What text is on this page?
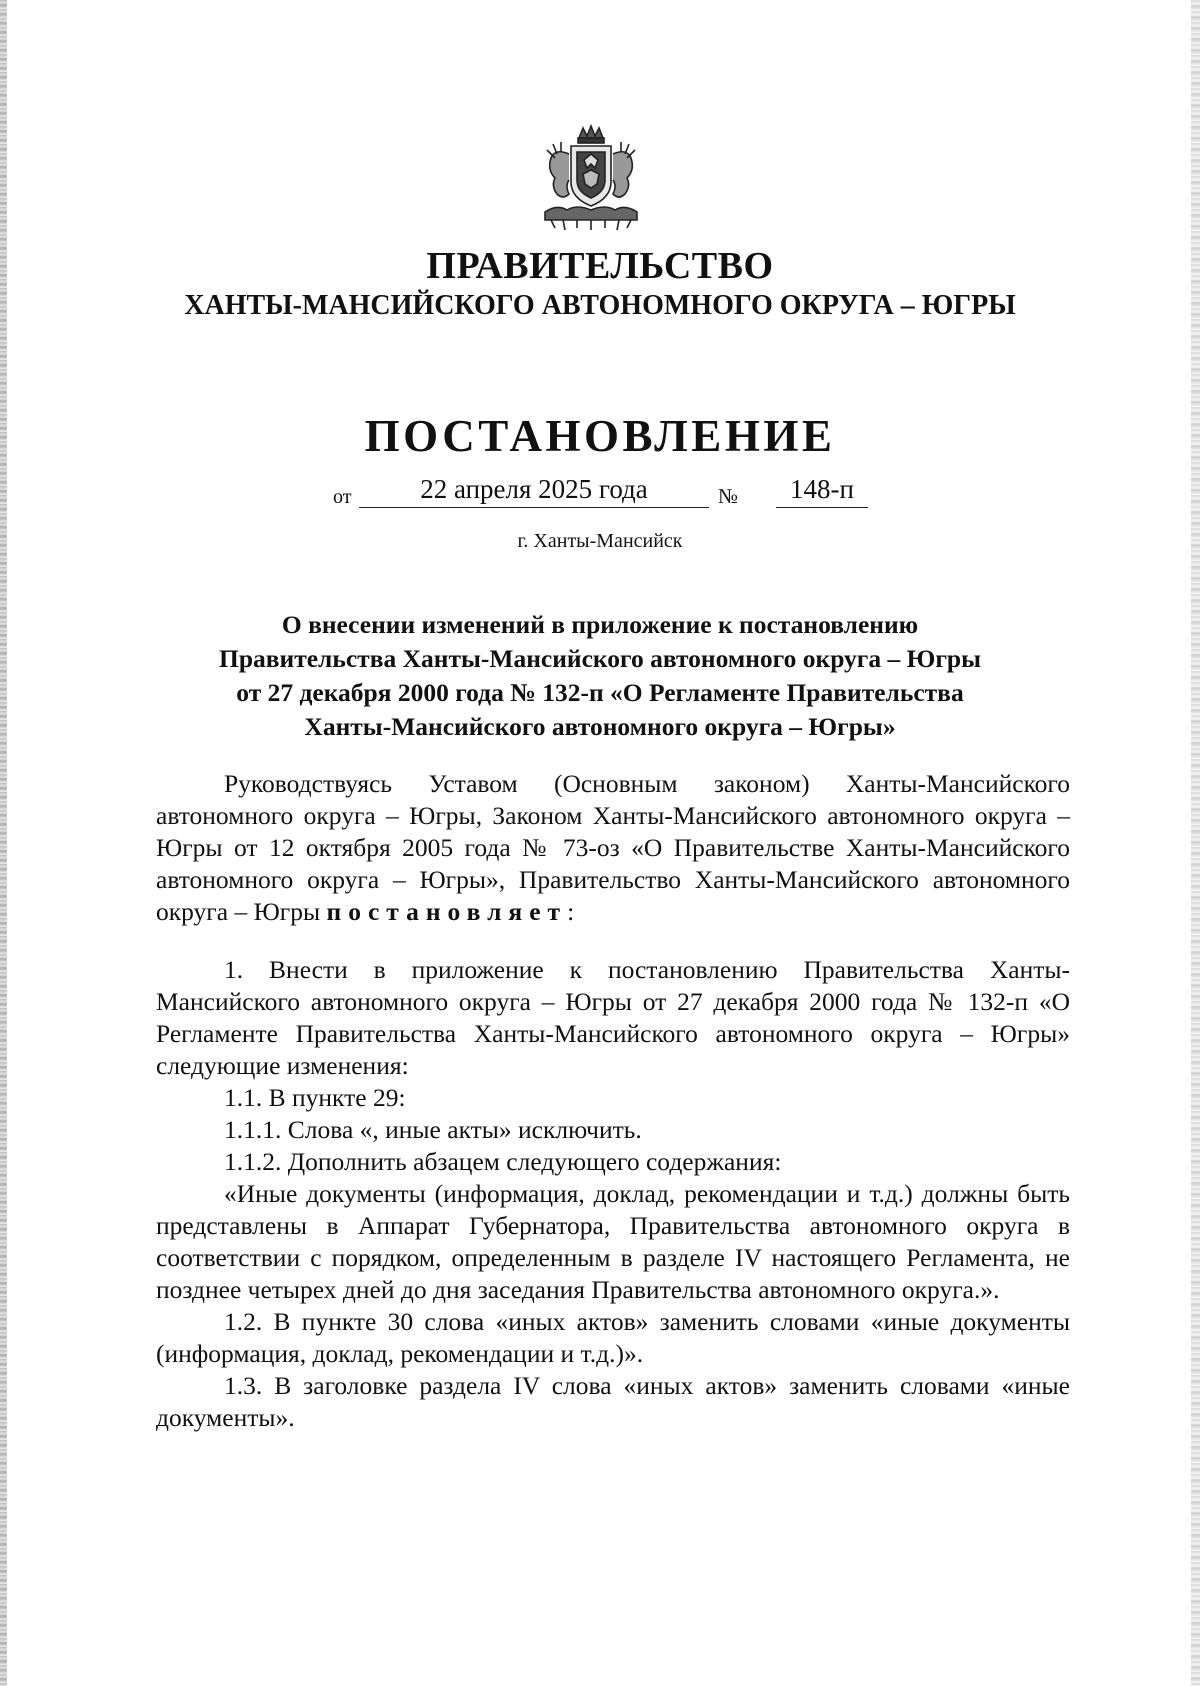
ПРАВИТЕЛЬСТВО
ХАНТЫ-МАНСИЙСКОГО АВТОНОМНОГО ОКРУГА – ЮГРЫ
ПОСТАНОВЛЕНИЕ
от	22 апреля 2025 года	№	148-п
г. Ханты-Мансийск
О внесении изменений в приложение к постановлению
Правительства Ханты-Мансийского автономного округа – Югры
от 27 декабря 2000 года № 132-п «О Регламенте Правительства
Ханты-Мансийского автономного округа – Югры»

Руководствуясь Уставом (Основным законом) Ханты-Мансийского автономного округа – Югры, Законом Ханты-Мансийского автономного округа – Югры от 12 октября 2005 года № 73-оз «О Правительстве Ханты-Мансийского автономного округа – Югры», Правительство Ханты-Мансийского автономного округа – Югры постановляет:

1. Внести в приложение к постановлению Правительства Ханты-Мансийского автономного округа – Югры от 27 декабря 2000 года № 132-п «О Регламенте Правительства Ханты-Мансийского автономного округа – Югры» следующие изменения:

1.1. В пункте 29:

1.1.1. Слова «, иные акты» исключить.

1.1.2. Дополнить абзацем следующего содержания:

«Иные документы (информация, доклад, рекомендации и т.д.) должны быть представлены в Аппарат Губернатора, Правительства автономного округа в соответствии с порядком, определенным в разделе IV настоящего Регламента, не позднее четырех дней до дня заседания Правительства автономного округа.».

1.2. В пункте 30 слова «иных актов» заменить словами «иные документы (информация, доклад, рекомендации и т.д.)».

1.3. В заголовке раздела IV слова «иных актов» заменить словами «иные документы».
